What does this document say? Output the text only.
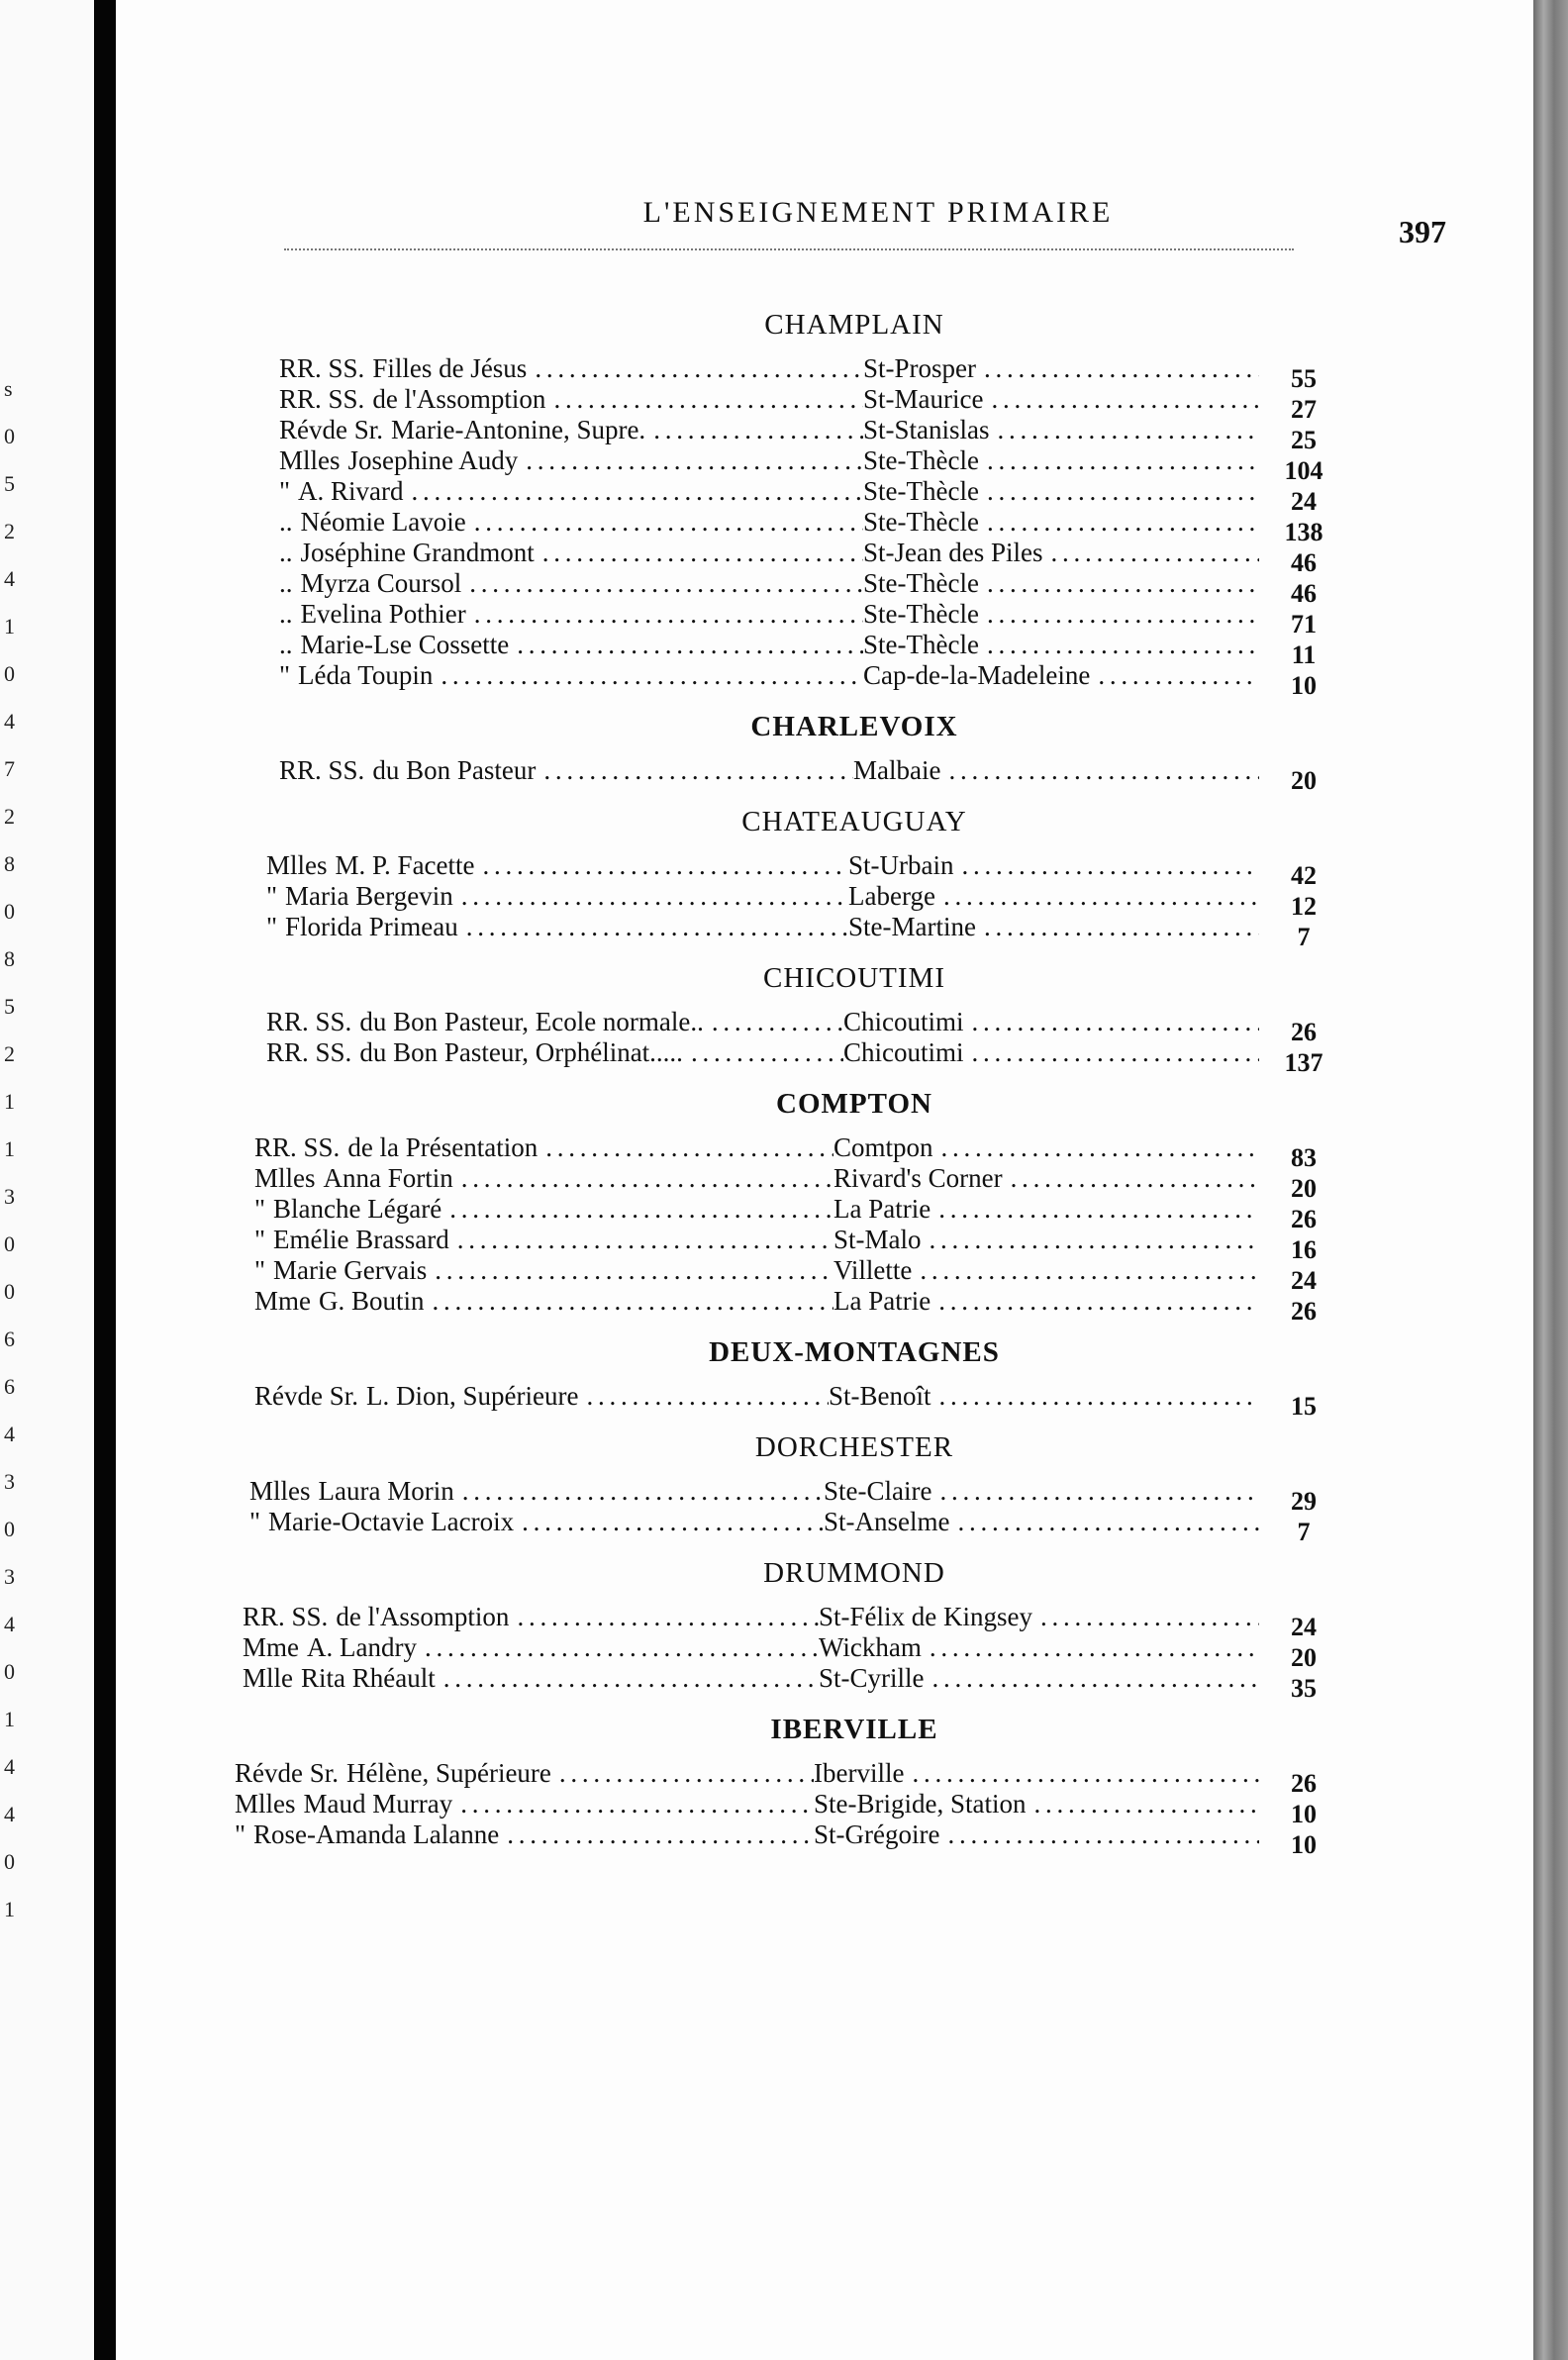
s
0
5
2
4
1
0
4
7
2
8
0
8
5
2
1
1
3
0
0
6
6
4
3
0
3
4
0
1
4
4
0
1
L'ENSEIGNEMENT PRIMAIRE
397
CHAMPLAIN
RR. SS. Filles de Jésus . . .	St-Prosper . . .	55
RR. SS. de l'Assomption . . .	St-Maurice . . .	27
Révde Sr. Marie-Antonine, Supre. . . .	St-Stanislas . . .	25
Mlles Josephine Audy . . .	Ste-Thècle . . .	104
" A. Rivard . . .	Ste-Thècle . . .	24
.. Néomie Lavoie . . .	Ste-Thècle . . .	138
.. Joséphine Grandmont . . .	St-Jean des Piles . . .	46
.. Myrza Coursol . . .	Ste-Thècle . . .	46
.. Evelina Pothier . . .	Ste-Thècle . . .	71
.. Marie-Lse Cossette . . .	Ste-Thècle . . .	11
" Léda Toupin . . .	Cap-de-la-Madeleine . . .	10
CHARLEVOIX
RR. SS. du Bon Pasteur . . .	Malbaie . . .	20
CHATEAUGUAY
Mlles M. P. Facette . . .	St-Urbain . . .	42
" Maria Bergevin . . .	Laberge . . .	12
" Florida Primeau . . .	Ste-Martine . . .	7
CHICOUTIMI
RR. SS. du Bon Pasteur, Ecole normale.. . . .	Chicoutimi . . .	26
RR. SS. du Bon Pasteur, Orphélinat..... . . .	Chicoutimi . . .	137
COMPTON
RR. SS. de la Présentation . . .	Comtpon . . .	83
Mlles Anna Fortin . . .	Rivard's Corner . . .	20
" Blanche Légaré . . .	La Patrie . . .	26
" Emélie Brassard . . .	St-Malo . . .	16
" Marie Gervais . . .	Villette . . .	24
Mme G. Boutin . . .	La Patrie . . .	26
DEUX-MONTAGNES
Révde Sr. L. Dion, Supérieure . . .	St-Benoît . . .	15
DORCHESTER
Mlles Laura Morin . . .	Ste-Claire . . .	29
" Marie-Octavie Lacroix . . .	St-Anselme . . .	7
DRUMMOND
RR. SS. de l'Assomption . . .	St-Félix de Kingsey . . .	24
Mme A. Landry . . .	Wickham . . .	20
Mlle Rita Rhéault . . .	St-Cyrille . . .	35
IBERVILLE
Révde Sr. Hélène, Supérieure . . .	Iberville . . .	26
Mlles Maud Murray . . .	Ste-Brigide, Station . . .	10
" Rose-Amanda Lalanne . . .	St-Grégoire . . .	10
